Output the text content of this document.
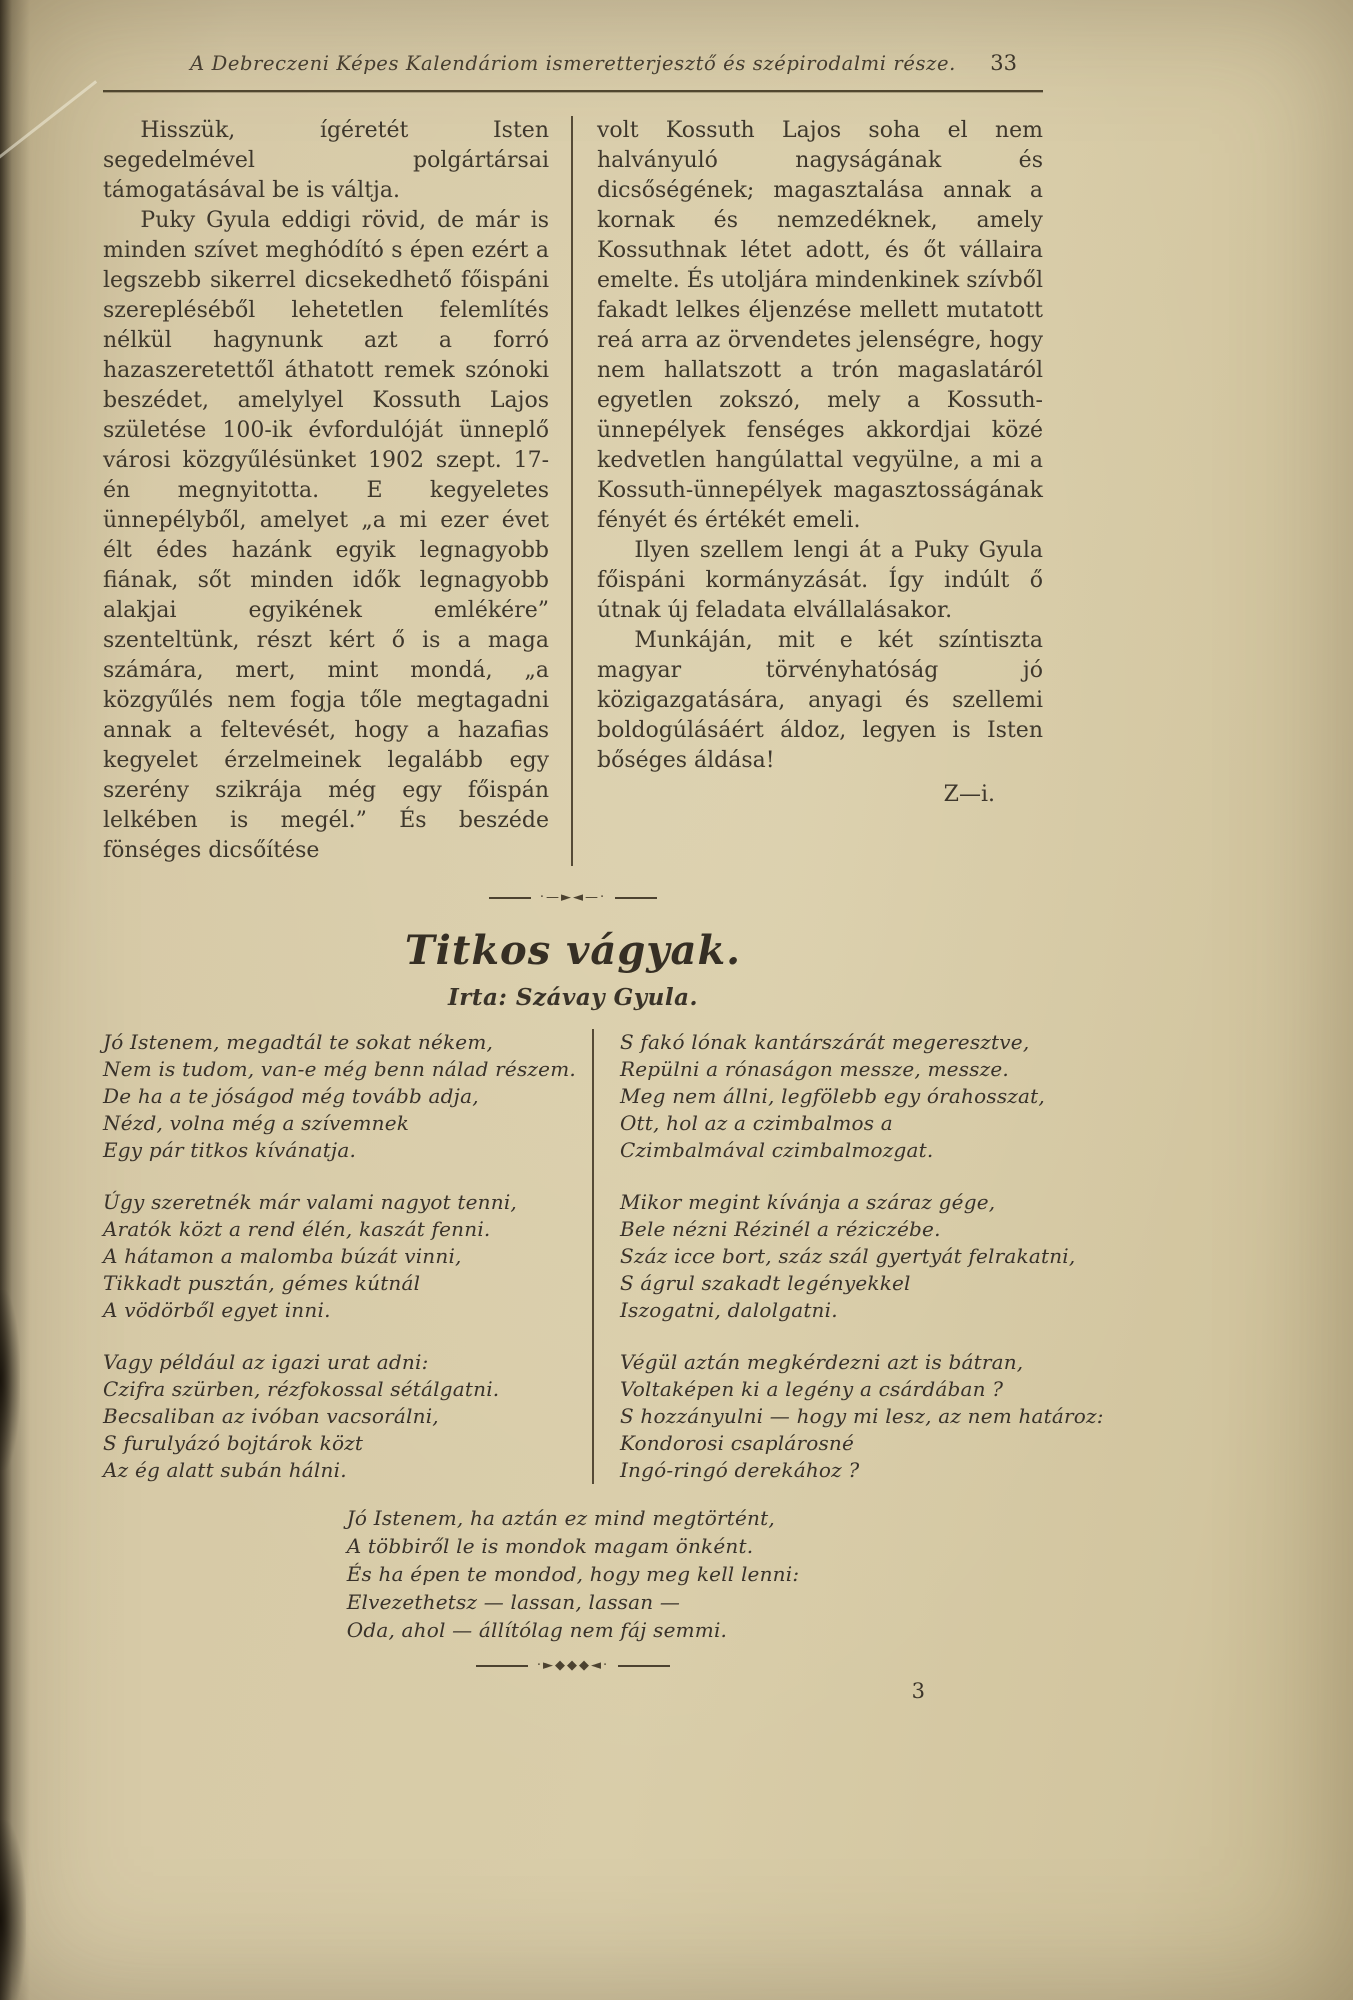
A Debreczeni Képes Kalendáriom ismeretterjesztő és szépirodalmi része.	33

Hisszük, ígéretét Isten segedelmével polgártársai támogatásával be is váltja.

Puky Gyula eddigi rövid, de már is minden szívet meghódító s épen ezért a legszebb sikerrel dicsekedhető főispáni szerepléséből lehetetlen felemlítés nélkül hagynunk azt a forró hazaszeretettől áthatott remek szónoki beszédet, amelylyel Kossuth Lajos születése 100-ik évfordulóját ünneplő városi közgyűlésünket 1902 szept. 17-én megnyitotta. E kegyeletes ünnepélyből, amelyet „a mi ezer évet élt édes hazánk egyik legnagyobb fiának, sőt minden idők legnagyobb alakjai egyikének emlékére” szenteltünk, részt kért ő is a maga számára, mert, mint mondá, „a közgyűlés nem fogja tőle megtagadni annak a feltevését, hogy a hazafias kegyelet érzelmeinek legalább egy szerény szikrája még egy főispán lelkében is megél.” És beszéde fönséges dicsőítése

volt Kossuth Lajos soha el nem halványuló nagyságának és dicsőségének; magasztalása annak a kornak és nemzedéknek, amely Kossuthnak létet adott, és őt vállaira emelte. És utoljára mindenkinek szívből fakadt lelkes éljenzése mellett mutatott reá arra az örvendetes jelenségre, hogy nem hallatszott a trón magaslatáról egyetlen zokszó, mely a Kossuth-ünnepélyek fenséges akkordjai közé kedvetlen hangúlattal vegyülne, a mi a Kossuth-ünnepélyek magasztosságának fényét és értékét emeli.

Ilyen szellem lengi át a Puky Gyula főispáni kormányzását. Így indúlt ő útnak új feladata elvállalásakor.

Munkáján, mit e két színtiszta magyar törvényhatóság jó közigazgatására, anyagi és szellemi boldogúlásáért áldoz, legyen is Isten bőséges áldása!

Z—i.
·—►◄—·
Titkos vágyak.
Irta: Szávay Gyula.
Jó Istenem, megadtál te sokat nékem,
Nem is tudom, van-e még benn nálad részem.
De ha a te jóságod még tovább adja,
Nézd, volna még a szívemnek
Egy pár titkos kívánatja.
Úgy szeretnék már valami nagyot tenni,
Aratók közt a rend élén, kaszát fenni.
A hátamon a malomba búzát vinni,
Tikkadt pusztán, gémes kútnál
A vödörből egyet inni.
Vagy például az igazi urat adni:
Czifra szürben, rézfokossal sétálgatni.
Becsaliban az ivóban vacsorálni,
S furulyázó bojtárok közt
Az ég alatt subán hálni.
S fakó lónak kantárszárát megeresztve,
Repülni a rónaságon messze, messze.
Meg nem állni, legfölebb egy órahosszat,
Ott, hol az a czimbalmos a
Czimbalmával czimbalmozgat.
Mikor megint kívánja a száraz gége,
Bele nézni Rézinél a réziczébe.
Száz icce bort, száz szál gyertyát felrakatni,
S ágrul szakadt legényekkel
Iszogatni, dalolgatni.
Végül aztán megkérdezni azt is bátran,
Voltaképen ki a legény a csárdában ?
S hozzányulni — hogy mi lesz, az nem határoz:
Kondorosi csaplárosné
Ingó-ringó derekához ?
Jó Istenem, ha aztán ez mind megtörtént,
A többiről le is mondok magam önként.
És ha épen te mondod, hogy meg kell lenni:
Elvezethetsz — lassan, lassan —
Oda, ahol — állítólag nem fáj semmi.
·►◆◆◆◄·
3
